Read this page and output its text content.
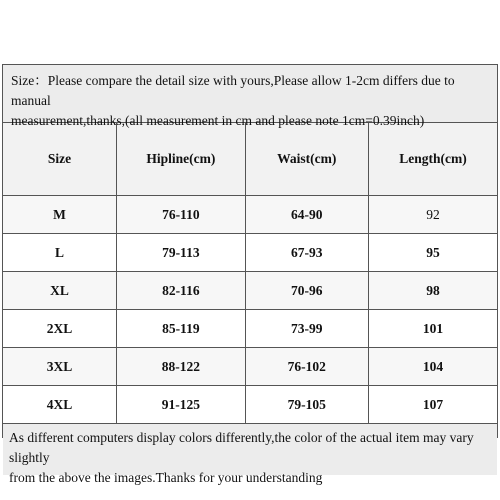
Size：Please compare the detail size with yours,Please allow 1-2cm differs due to manual
measurement,thanks,(all measurement in cm and please note 1cm=0.39inch)
Size	Hipline(cm)	Waist(cm)	Length(cm)
M	76-110	64-90	92
L	79-113	67-93	95
XL	82-116	70-96	98
2XL	85-119	73-99	101
3XL	88-122	76-102	104
4XL	91-125	79-105	107
As different computers display colors differently,the color of the actual item may vary slightly
from the above the images.Thanks for your understanding
